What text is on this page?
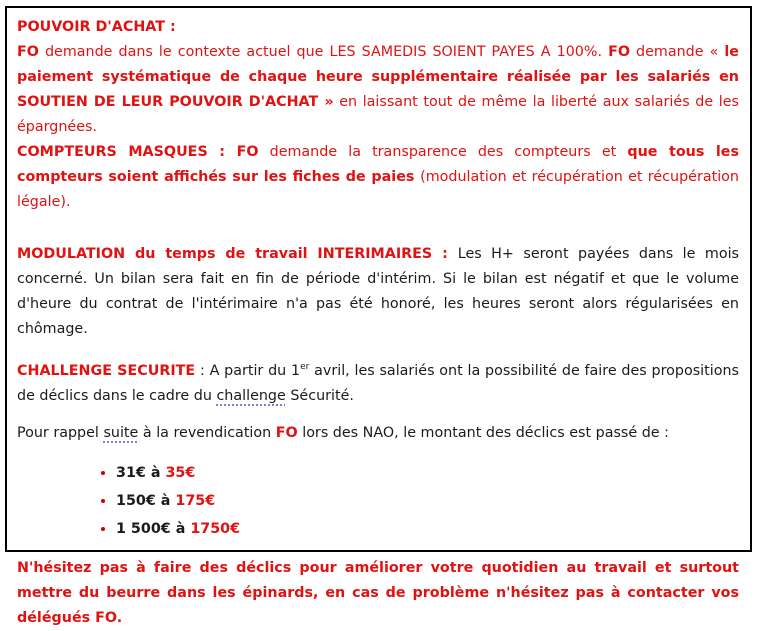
POUVOIR D'ACHAT :
FO demande dans le contexte actuel que LES SAMEDIS SOIENT PAYES A 100%. FO demande « le paiement systématique de chaque heure supplémentaire réalisée par les salariés en SOUTIEN DE LEUR POUVOIR D'ACHAT » en laissant tout de même la liberté aux salariés de les épargnées.
COMPTEURS MASQUES : FO demande la transparence des compteurs et que tous les compteurs soient affichés sur les fiches de paies (modulation et récupération et récupération légale).

MODULATION du temps de travail INTERIMAIRES : Les H+ seront payées dans le mois concerné. Un bilan sera fait en fin de période d'intérim. Si le bilan est négatif et que le volume d'heure du contrat de l'intérimaire n'a pas été honoré, les heures seront alors régularisées en chômage.

CHALLENGE SECURITE : A partir du 1er avril, les salariés ont la possibilité de faire des propositions de déclics dans le cadre du challenge Sécurité.

Pour rappel suite à la revendication FO lors des NAO, le montant des déclics est passé de :

• 31€ à 35€
• 150€ à 175€
• 1 500€ à 1750€

N'hésitez pas à faire des déclics pour améliorer votre quotidien au travail et surtout mettre du beurre dans les épinards, en cas de problème n'hésitez pas à contacter vos délégués FO.
